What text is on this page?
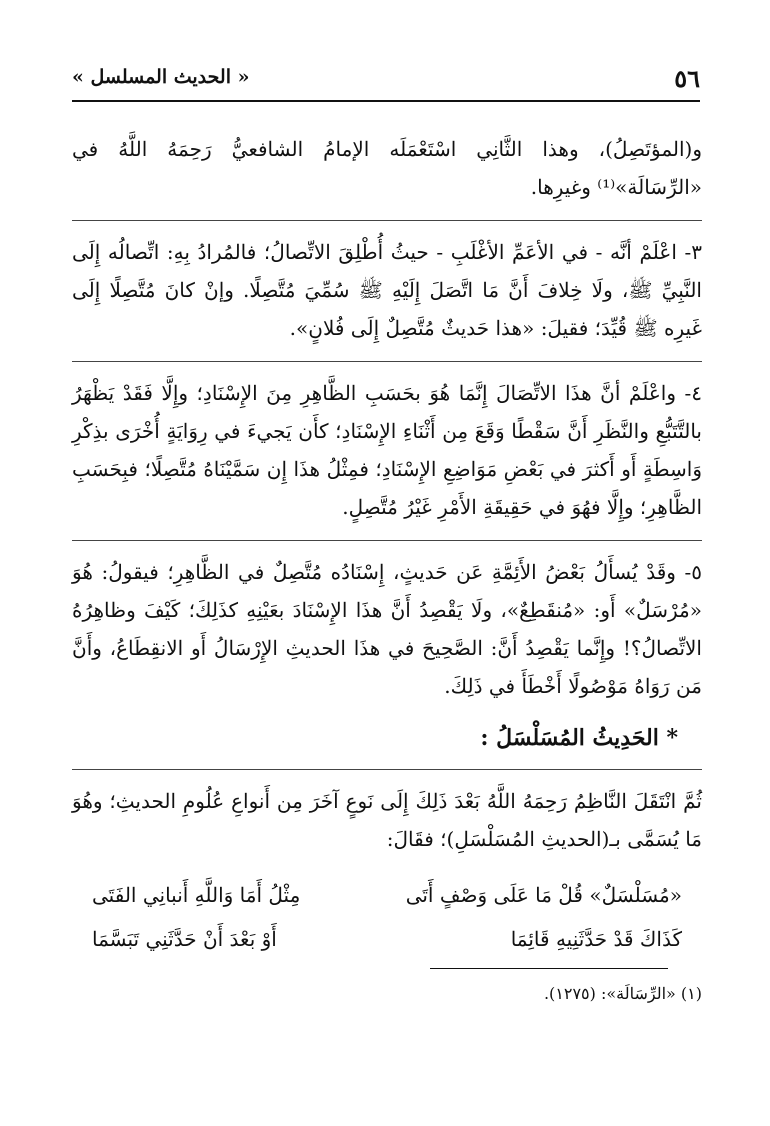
٥٦
« الحديث المسلسل »

و(المؤتَصِلُ)، وهذا الثَّانِي اسْتَعْمَلَه الإمامُ الشافعيُّ رَحِمَهُ اللَّهُ في «الرِّسَالَة»⁽¹⁾ وغيرِها.

٣- اعْلَمْ أنَّه - في الأعَمِّ الأغْلَبِ - حيثُ أُطْلِقَ الاتِّصالُ؛ فالمُرادُ بِهِ: اتِّصالُه إِلَى النَّبِيِّ ﷺ، ولَا خِلافَ أَنَّ مَا اتَّصَلَ إِلَيْهِ ﷺ سُمِّيَ مُتَّصِلًا. وإنْ كانَ مُتَّصِلًا إِلَى غَيرِه ﷺ قُيِّدَ؛ فقيلَ: «هذا حَديثٌ مُتَّصِلٌ إِلَى فُلانٍ».

٤- واعْلَمْ أنَّ هذَا الاتِّصَالَ إِنَّمَا هُوَ بحَسَبِ الظَّاهِرِ مِنَ الإِسْنَادِ؛ وإِلَّا فَقَدْ يَظْهَرُ بالتَّتَبُّعِ والنَّظَرِ أَنَّ سَقْطًا وَقَعَ مِن أَثْنَاءِ الإِسْنَادِ؛ كأَن يَجيءَ في رِوَايَةٍ أُخْرَى بذِكْرِ وَاسِطَةٍ أَو أَكثرَ في بَعْضِ مَوَاضِعِ الإِسْنَادِ؛ فمِثْلُ هذَا إِن سَمَّيْنَاهُ مُتَّصِلًا؛ فبِحَسَبِ الظَّاهِرِ؛ وإِلَّا فهُوَ في حَقِيقَةِ الأَمْرِ غَيْرُ مُتَّصِلٍ.

٥- وقَدْ يُسأَلُ بَعْضُ الأَئِمَّةِ عَن حَديثٍ، إِسْنَادُه مُتَّصِلٌ في الظَّاهِرِ؛ فيقولُ: هُوَ «مُرْسَلٌ» أَو: «مُنقَطِعٌ»، ولَا يَقْصِدُ أَنَّ هذَا الإِسْنَادَ بعَيْنِهِ كذَلِكَ؛ كَيْفَ وظاهِرُهُ الاتِّصالُ؟! وإِنَّما يَقْصِدُ أَنَّ: الصَّحِيحَ في هذَا الحديثِ الإِرْسَالُ أَو الانقِطَاعُ، وأَنَّ مَن رَوَاهُ مَوْصُولًا أَخْطَأَ في ذَلِكَ.

* الحَدِيثُ المُسَلْسَلُ :

ثُمَّ انْتَقَلَ النَّاظِمُ رَحِمَهُ اللَّهُ بَعْدَ ذَلِكَ إِلَى نَوعٍ آخَرَ مِن أَنواعِ عُلُومِ الحديثِ؛ وهُوَ مَا يُسَمَّى بـ(الحديثِ المُسَلْسَلِ)؛ فقَالَ:

«مُسَلْسَلٌ» قُلْ مَا عَلَى وَصْفٍ أَتَى
مِثْلُ أَمَا وَاللَّهِ أَنبانِي الفَتَى
كَذَاكَ قَدْ حَدَّثَنِيهِ قَائِمَا
أَوْ بَعْدَ أَنْ حَدَّثَنِي تَبَسَّمَا
(١) «الرِّسَالَة»: (١٢٧٥).
